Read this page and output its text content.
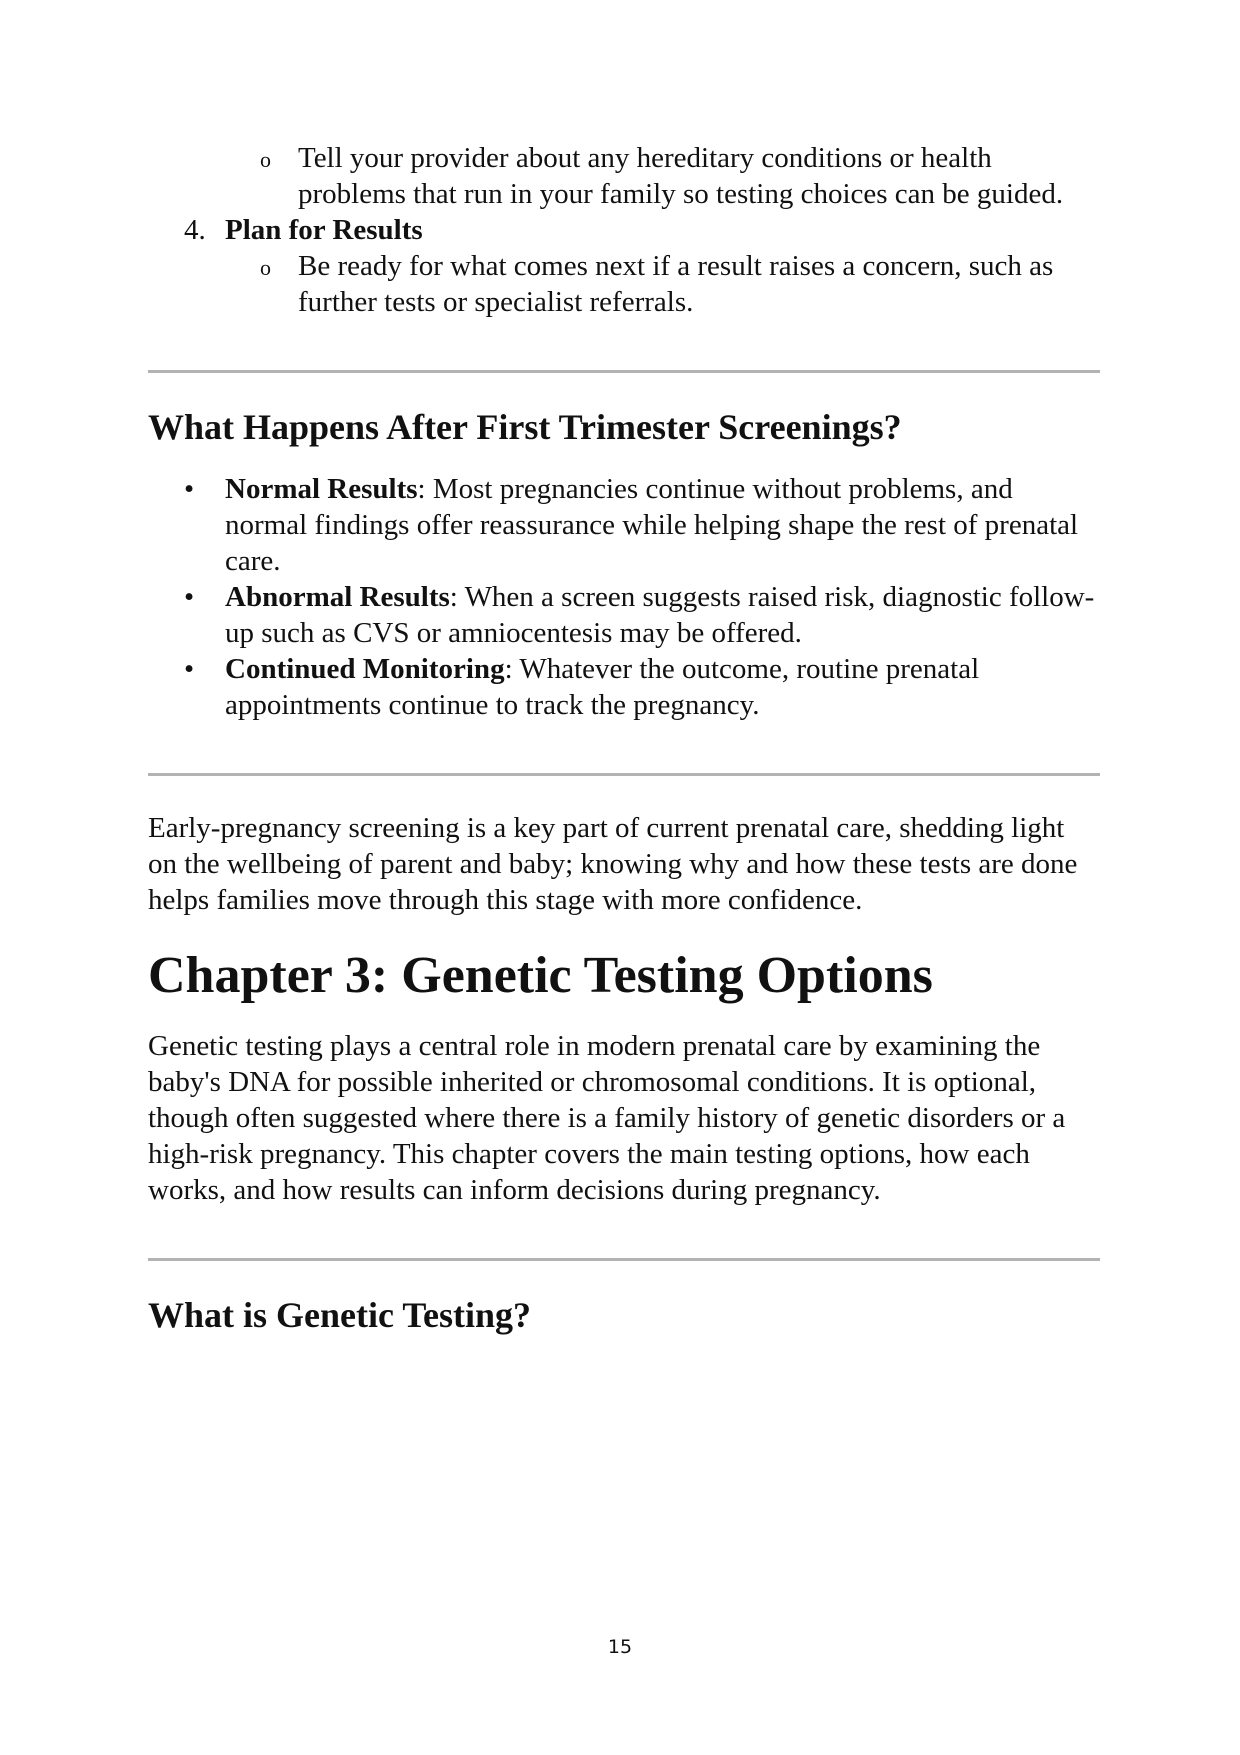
o Tell your provider about any hereditary conditions or health problems that run in your family so testing choices can be guided.
4. Plan for Results
o Be ready for what comes next if a result raises a concern, such as further tests or specialist referrals.
What Happens After First Trimester Screenings?
• Normal Results: Most pregnancies continue without problems, and normal findings offer reassurance while helping shape the rest of prenatal care.
• Abnormal Results: When a screen suggests raised risk, diagnostic follow-up such as CVS or amniocentesis may be offered.
• Continued Monitoring: Whatever the outcome, routine prenatal appointments continue to track the pregnancy.

Early-pregnancy screening is a key part of current prenatal care, shedding light on the wellbeing of parent and baby; knowing why and how these tests are done helps families move through this stage with more confidence.

Chapter 3: Genetic Testing Options

Genetic testing plays a central role in modern prenatal care by examining the baby's DNA for possible inherited or chromosomal conditions. It is optional, though often suggested where there is a family history of genetic disorders or a high-risk pregnancy. This chapter covers the main testing options, how each works, and how results can inform decisions during pregnancy.

What is Genetic Testing?
15
